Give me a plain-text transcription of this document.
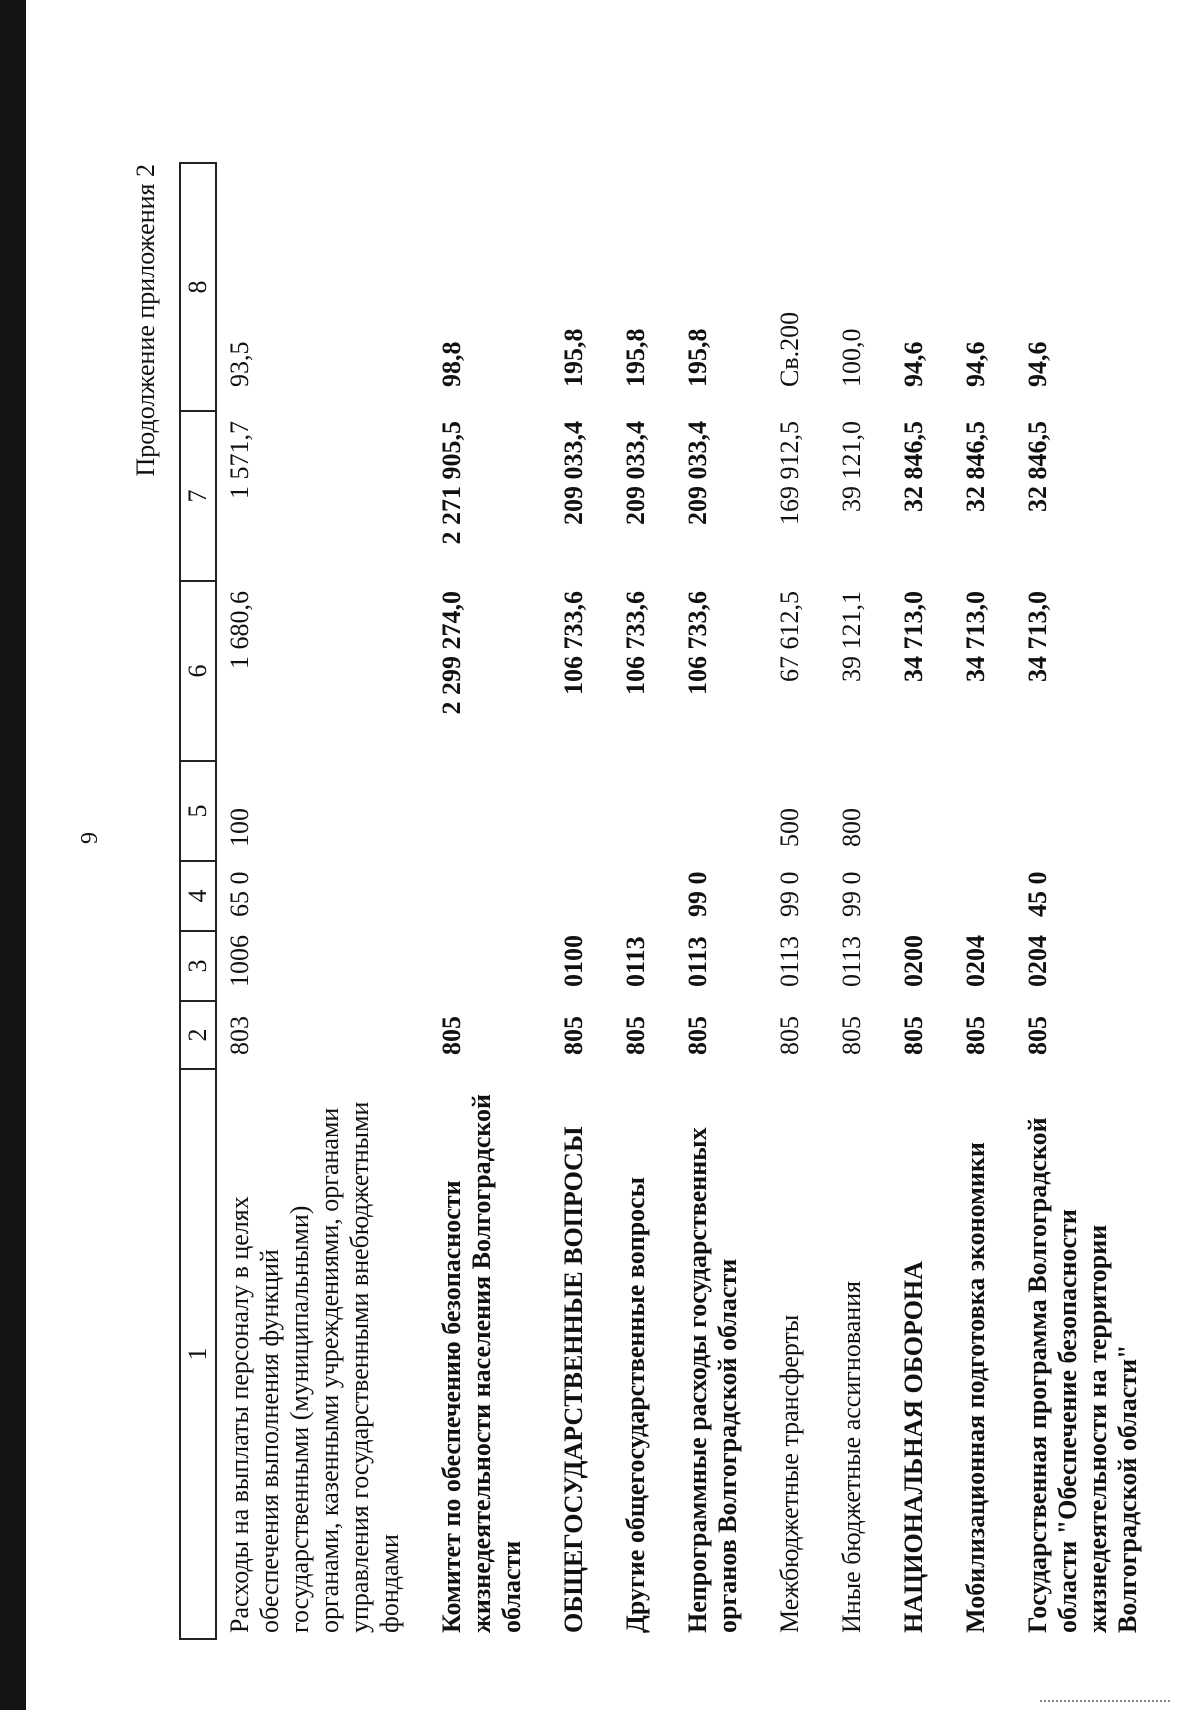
9
Продолжение приложения 2
1	2	3	4	5	6	7	8
Расходы на выплаты персоналу в целях обеспечения выполнения функций государственными (муниципальными) органами, казенными учреждениями, органами управления государственными внебюджетными фондами	803	1006	65 0	100	1 680,6	1 571,7	93,5

Комитет по обеспечению безопасности жизнедеятельности населения Волгоградской области	805				2 299 274,0	2 271 905,5	98,8

ОБЩЕГОСУДАРСТВЕННЫЕ ВОПРОСЫ	805	0100			106 733,6	209 033,4	195,8

Другие общегосударственные вопросы	805	0113			106 733,6	209 033,4	195,8

Непрограммные расходы государственных органов Волгоградской области	805	0113	99 0		106 733,6	209 033,4	195,8

Межбюджетные трансферты	805	0113	99 0	500	67 612,5	169 912,5	Св.200

Иные бюджетные ассигнования	805	0113	99 0	800	39 121,1	39 121,0	100,0

НАЦИОНАЛЬНАЯ ОБОРОНА	805	0200			34 713,0	32 846,5	94,6

Мобилизационная подготовка экономики	805	0204			34 713,0	32 846,5	94,6

Государственная программа Волгоградской области "Обеспечение безопасности жизнедеятельности на территории Волгоградской области"	805	0204	45 0		34 713,0	32 846,5	94,6
